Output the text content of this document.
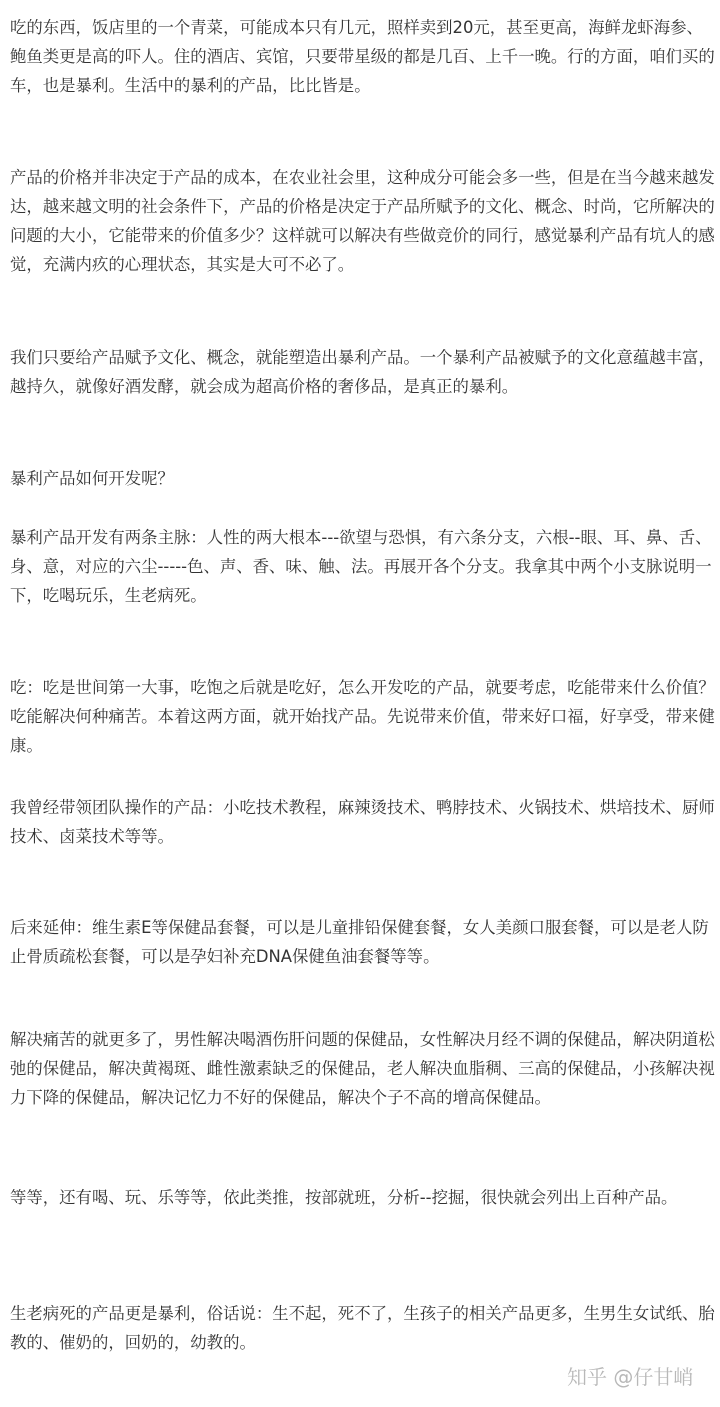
吃的东西，饭店里的一个青菜，可能成本只有几元，照样卖到20元，甚至更高，海鲜龙虾海参、鲍鱼类更是高的吓人。住的酒店、宾馆，只要带星级的都是几百、上千一晚。行的方面，咱们买的车，也是暴利。生活中的暴利的产品，比比皆是。

产品的价格并非决定于产品的成本，在农业社会里，这种成分可能会多一些，但是在当今越来越发达，越来越文明的社会条件下，产品的价格是决定于产品所赋予的文化、概念、时尚，它所解决的问题的大小，它能带来的价值多少？这样就可以解决有些做竞价的同行，感觉暴利产品有坑人的感觉，充满内疚的心理状态，其实是大可不必了。

我们只要给产品赋予文化、概念，就能塑造出暴利产品。一个暴利产品被赋予的文化意蕴越丰富，越持久，就像好酒发酵，就会成为超高价格的奢侈品，是真正的暴利。

暴利产品如何开发呢？

暴利产品开发有两条主脉：人性的两大根本---欲望与恐惧，有六条分支，六根--眼、耳、鼻、舌、身、意，对应的六尘-----色、声、香、味、触、法。再展开各个分支。我拿其中两个小支脉说明一下，吃喝玩乐，生老病死。

吃：吃是世间第一大事，吃饱之后就是吃好，怎么开发吃的产品，就要考虑，吃能带来什么价值？吃能解决何种痛苦。本着这两方面，就开始找产品。先说带来价值，带来好口福，好享受，带来健康。

我曾经带领团队操作的产品：小吃技术教程，麻辣烫技术、鸭脖技术、火锅技术、烘培技术、厨师技术、卤菜技术等等。

后来延伸：维生素E等保健品套餐，可以是儿童排铅保健套餐，女人美颜口服套餐，可以是老人防止骨质疏松套餐，可以是孕妇补充DNA保健鱼油套餐等等。

解决痛苦的就更多了，男性解决喝酒伤肝问题的保健品，女性解决月经不调的保健品，解决阴道松弛的保健品，解决黄褐斑、雌性激素缺乏的保健品，老人解决血脂稠、三高的保健品，小孩解决视力下降的保健品，解决记忆力不好的保健品，解决个子不高的增高保健品。

等等，还有喝、玩、乐等等，依此类推，按部就班，分析--挖掘，很快就会列出上百种产品。

生老病死的产品更是暴利，俗话说：生不起，死不了，生孩子的相关产品更多，生男生女试纸、胎教的、催奶的，回奶的，幼教的。

知乎 @仔甘峭
